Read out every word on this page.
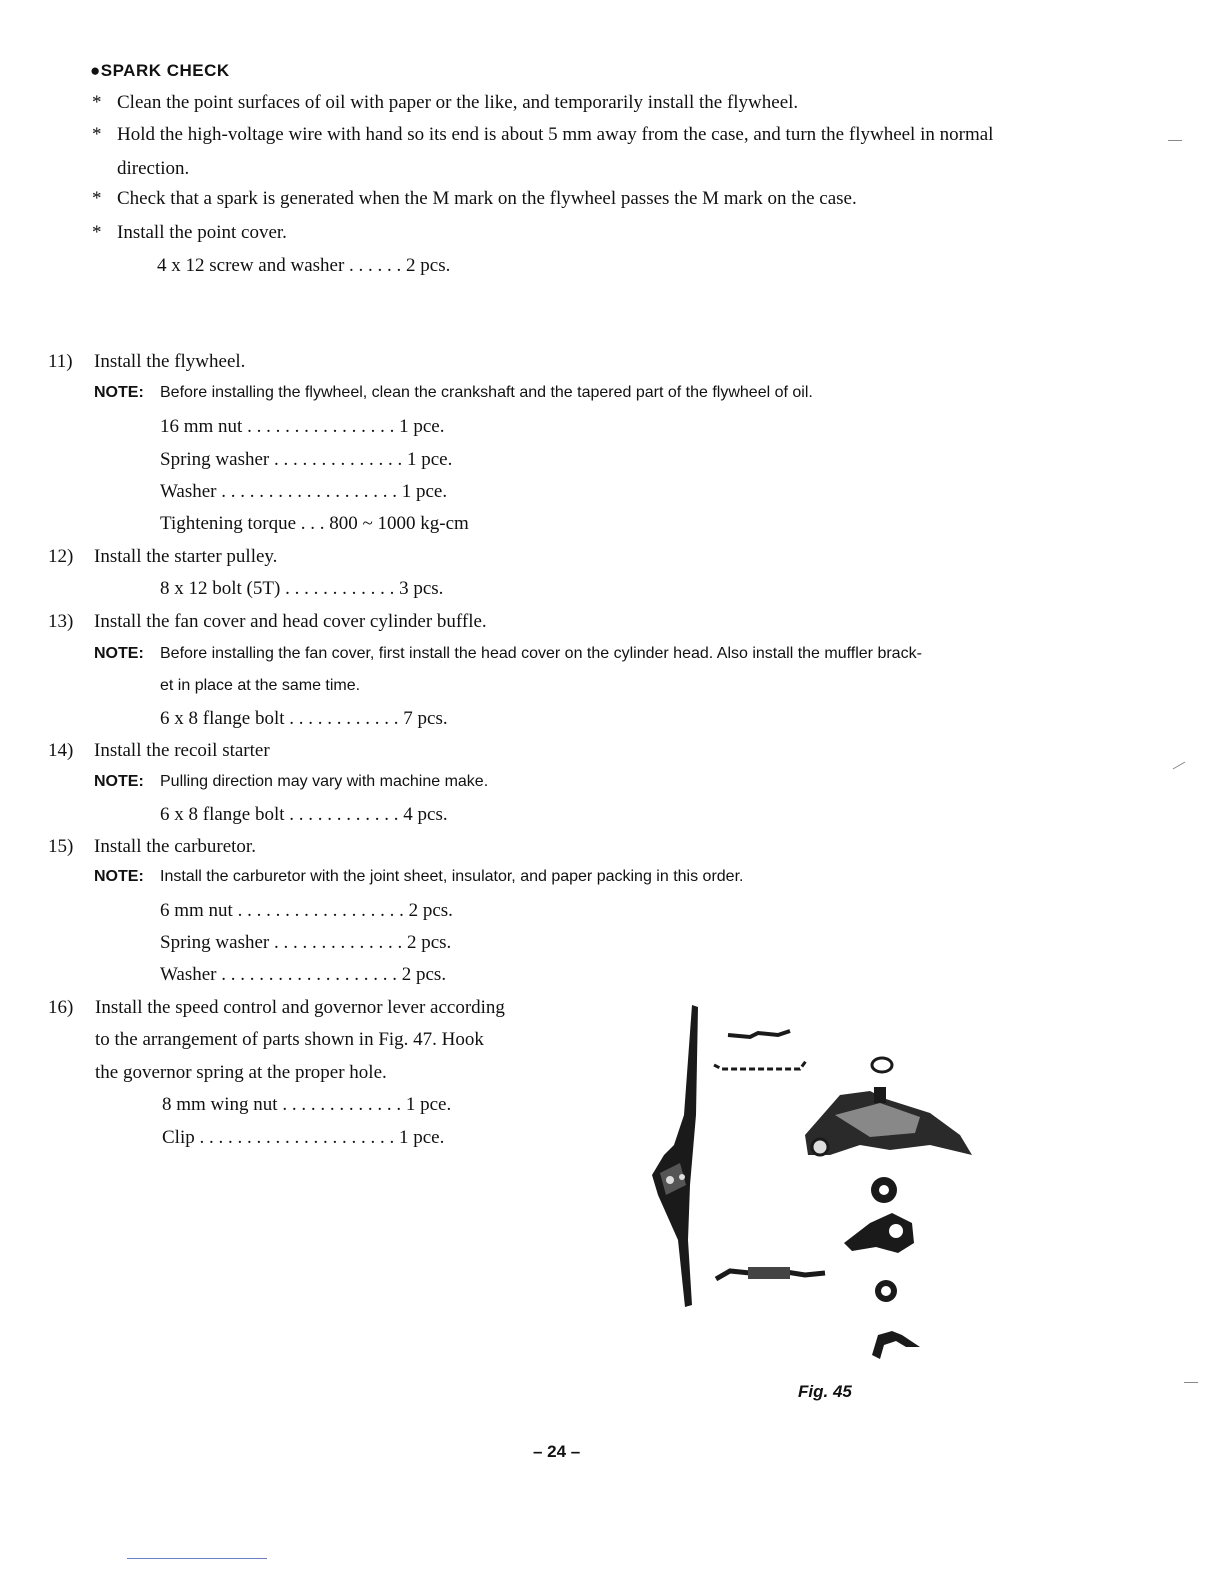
●SPARK CHECK
* Clean the point surfaces of oil with paper or the like, and temporarily install the flywheel.
* Hold the high-voltage wire with hand so its end is about 5 mm away from the case, and turn the flywheel in normal
direction.
* Check that a spark is generated when the M mark on the flywheel passes the M mark on the case.
* Install the point cover.
4 x 12 screw and washer . . . . . . 2 pcs.
11) Install the flywheel.
NOTE: Before installing the flywheel, clean the crankshaft and the tapered part of the flywheel of oil.
16 mm nut . . . . . . . . . . . . . . . . 1 pce.
Spring washer . . . . . . . . . . . . . . 1 pce.
Washer . . . . . . . . . . . . . . . . . . . 1 pce.
Tightening torque . . . 800 ~ 1000 kg-cm
12) Install the starter pulley.
8 x 12 bolt (5T) . . . . . . . . . . . . 3 pcs.
13) Install the fan cover and head cover cylinder buffle.
NOTE: Before installing the fan cover, first install the head cover on the cylinder head. Also install the muffler brack-
et in place at the same time.
6 x 8 flange bolt . . . . . . . . . . . . 7 pcs.
14) Install the recoil starter
NOTE: Pulling direction may vary with machine make.
6 x 8 flange bolt . . . . . . . . . . . . 4 pcs.
15) Install the carburetor.
NOTE: Install the carburetor with the joint sheet, insulator, and paper packing in this order.
6 mm nut . . . . . . . . . . . . . . . . . . 2 pcs.
Spring washer . . . . . . . . . . . . . . 2 pcs.
Washer . . . . . . . . . . . . . . . . . . . 2 pcs.
16) Install the speed control and governor lever according
to the arrangement of parts shown in Fig. 47. Hook
the governor spring at the proper hole.
8 mm wing nut . . . . . . . . . . . . . 1 pce.
Clip . . . . . . . . . . . . . . . . . . . . . 1 pce.
Fig. 45
– 24 –
